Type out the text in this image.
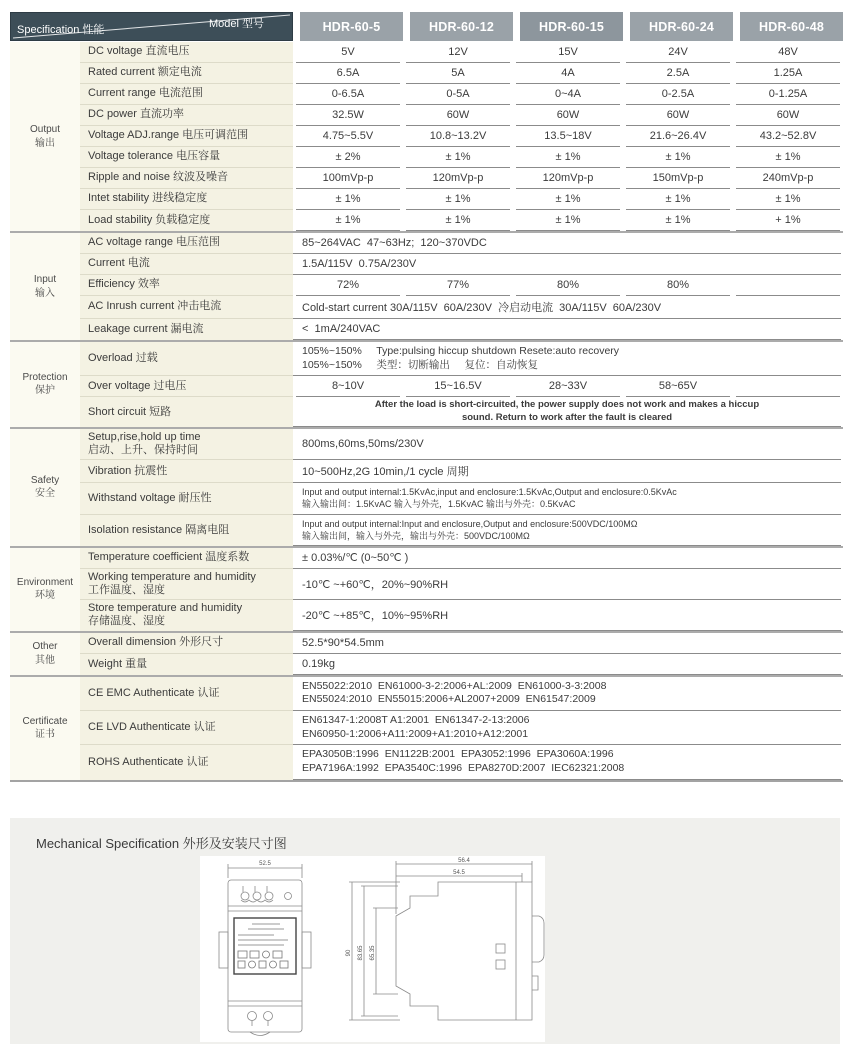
Model 型号
Specification 性能	HDR-60-5	HDR-60-12	HDR-60-15	HDR-60-24	HDR-60-48
Output
输出
DC voltage 直流电压	5V	12V	15V	24V	48V
Rated current 额定电流	6.5A	5A	4A	2.5A	1.25A
Current range 电流范围	0-6.5A	0-5A	0~4A	0-2.5A	0-1.25A
DC power 直流功率	32.5W	60W	60W	60W	60W
Voltage ADJ.range 电压可调范围	4.75~5.5V	10.8~13.2V	13.5~18V	21.6~26.4V	43.2~52.8V
Voltage tolerance 电压容量	± 2%	± 1%	± 1%	± 1%	± 1%
Ripple and noise 纹波及噪音	100mVp-p	120mVp-p	120mVp-p	150mVp-p	240mVp-p
Intet stability 进线稳定度	± 1%	± 1%	± 1%	± 1%	± 1%
Load stability 负载稳定度	± 1%	± 1%	± 1%	± 1%	+ 1%
Input
输入
AC voltage range 电压范围	85~264VAC  47~63Hz;  120~370VDC
Current 电流	1.5A/115V  0.75A/230V
Efficiency 效率	72%	77%	80%	80%
AC Inrush current 冲击电流	Cold-start current 30A/115V  60A/230V  冷启动电流  30A/115V  60A/230V
Leakage current 漏电流	<  1mA/240VAC
Protection
保护
Overload 过载
105%~150%     Type:pulsing hiccup shutdown Resete:auto recovery
105%~150%     类型：切断输出     复位：自动恢复
Over voltage 过电压	8~10V	15~16.5V	28~33V	58~65V
Short circuit 短路
After the load is short-circuited, the power supply does not work and makes a hiccup
sound. Return to work after the fault is cleared
Safety
安全
Setup,rise,hold up time
启动、上升、保持时间	800ms,60ms,50ms/230V
Vibration 抗震性	10~500Hz,2G 10min,/1 cycle 周期
Withstand voltage 耐压性	Input and output internal:1.5KvAc,input and enclosure:1.5KvAc,Output and enclosure:0.5KvAc
输入输出间：1.5KvAC 输入与外壳，1.5KvAC 输出与外壳：0.5KvAC
Isolation resistance 隔离电阻
Input and output internal:Input and enclosure,Output and enclosure:500VDC/100MΩ
输入输出间，输入与外壳，输出与外壳：500VDC/100MΩ
Environment
环境
Temperature coefficient 温度系数	± 0.03%/℃ (0~50℃ )
Working temperature and humidity
工作温度、湿度	-10℃ ~+60℃，20%~90%RH
Store temperature and humidity
存储温度、湿度	-20℃ ~+85℃，10%~95%RH
Other
其他
Overall dimension 外形尺寸	52.5*90*54.5mm
Weight 重量	0.19kg
Certificate
证书
CE EMC Authenticate 认证
EN55022:2010  EN61000-3-2:2006+AL:2009  EN61000-3-3:2008
EN55024:2010  EN55015:2006+AL2007+2009  EN61547:2009
CE LVD Authenticate 认证
EN61347-1:2008T A1:2001  EN61347-2-13:2006
EN60950-1:2006+A11:2009+A1:2010+A12:2001
ROHS Authenticate 认证
EPA3050B:1996  EN1122B:2001  EPA3052:1996  EPA3060A:1996
EPA7196A:1992  EPA3540C:1996  EPA8270D:2007  IEC62321:2008
Mechanical Specification 外形及安装尺寸图
52.5	56.4
54.5
90 83.65 65.35
